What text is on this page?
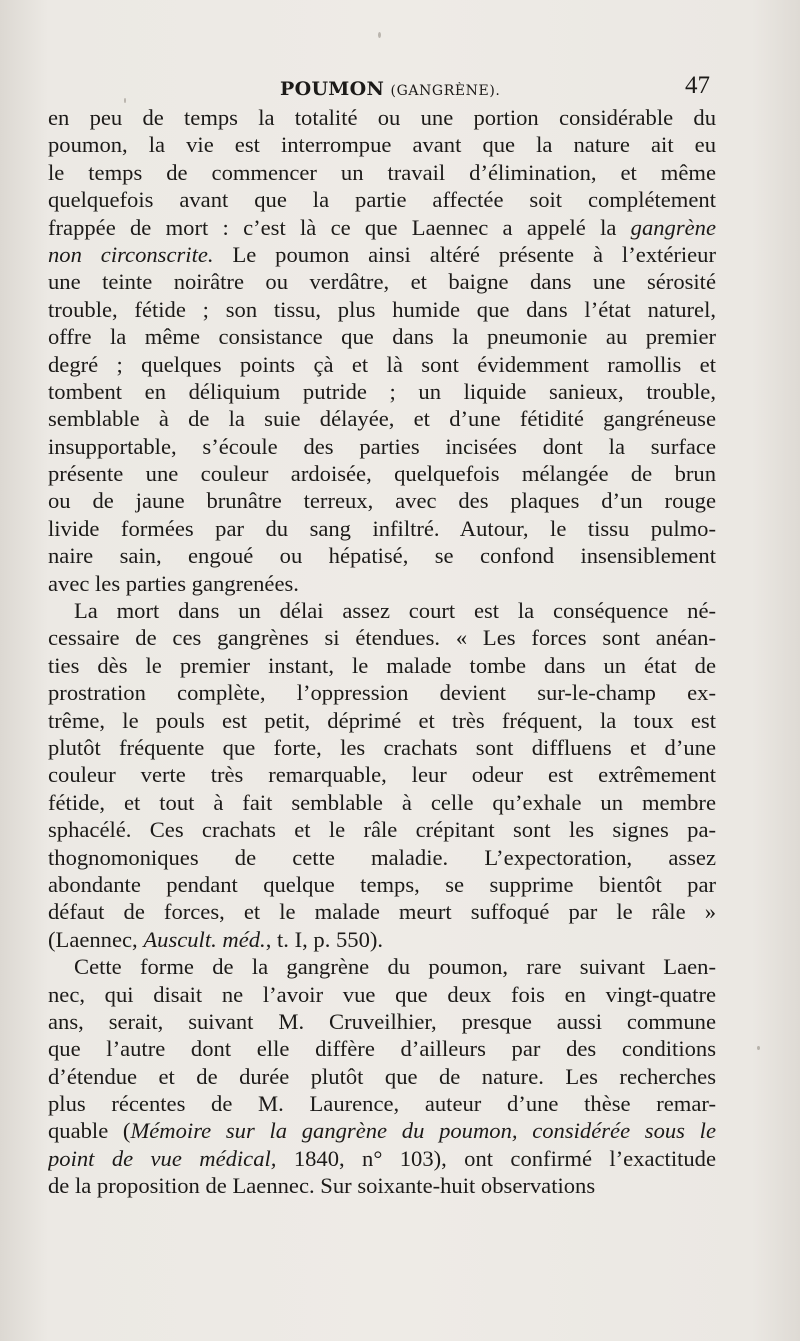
POUMON (GANGRÈNE).	47
en peu de temps la totalité ou une portion considérable du
poumon, la vie est interrompue avant que la nature ait eu
le temps de commencer un travail d’élimination, et même
quelquefois avant que la partie affectée soit complétement
frappée de mort : c’est là ce que Laennec a appelé la gangrène
non circonscrite. Le poumon ainsi altéré présente à l’extérieur
une teinte noirâtre ou verdâtre, et baigne dans une sérosité
trouble, fétide ; son tissu, plus humide que dans l’état naturel,
offre la même consistance que dans la pneumonie au premier
degré ; quelques points çà et là sont évidemment ramollis et
tombent en déliquium putride ; un liquide sanieux, trouble,
semblable à de la suie délayée, et d’une fétidité gangréneuse
insupportable, s’écoule des parties incisées dont la surface
présente une couleur ardoisée, quelquefois mélangée de brun
ou de jaune brunâtre terreux, avec des plaques d’un rouge
livide formées par du sang infiltré. Autour, le tissu pulmo-
naire sain, engoué ou hépatisé, se confond insensiblement
avec les parties gangrenées.
La mort dans un délai assez court est la conséquence né-
cessaire de ces gangrènes si étendues. « Les forces sont anéan-
ties dès le premier instant, le malade tombe dans un état de
prostration complète, l’oppression devient sur-le-champ ex-
trême, le pouls est petit, déprimé et très fréquent, la toux est
plutôt fréquente que forte, les crachats sont diffluens et d’une
couleur verte très remarquable, leur odeur est extrêmement
fétide, et tout à fait semblable à celle qu’exhale un membre
sphacélé. Ces crachats et le râle crépitant sont les signes pa-
thognomoniques de cette maladie. L’expectoration, assez
abondante pendant quelque temps, se supprime bientôt par
défaut de forces, et le malade meurt suffoqué par le râle »
(Laennec, Auscult. méd., t. I, p. 550).
Cette forme de la gangrène du poumon, rare suivant Laen-
nec, qui disait ne l’avoir vue que deux fois en vingt-quatre
ans, serait, suivant M. Cruveilhier, presque aussi commune
que l’autre dont elle diffère d’ailleurs par des conditions
d’étendue et de durée plutôt que de nature. Les recherches
plus récentes de M. Laurence, auteur d’une thèse remar-
quable (Mémoire sur la gangrène du poumon, considérée sous le
point de vue médical, 1840, n° 103), ont confirmé l’exactitude
de la proposition de Laennec. Sur soixante-huit observations
